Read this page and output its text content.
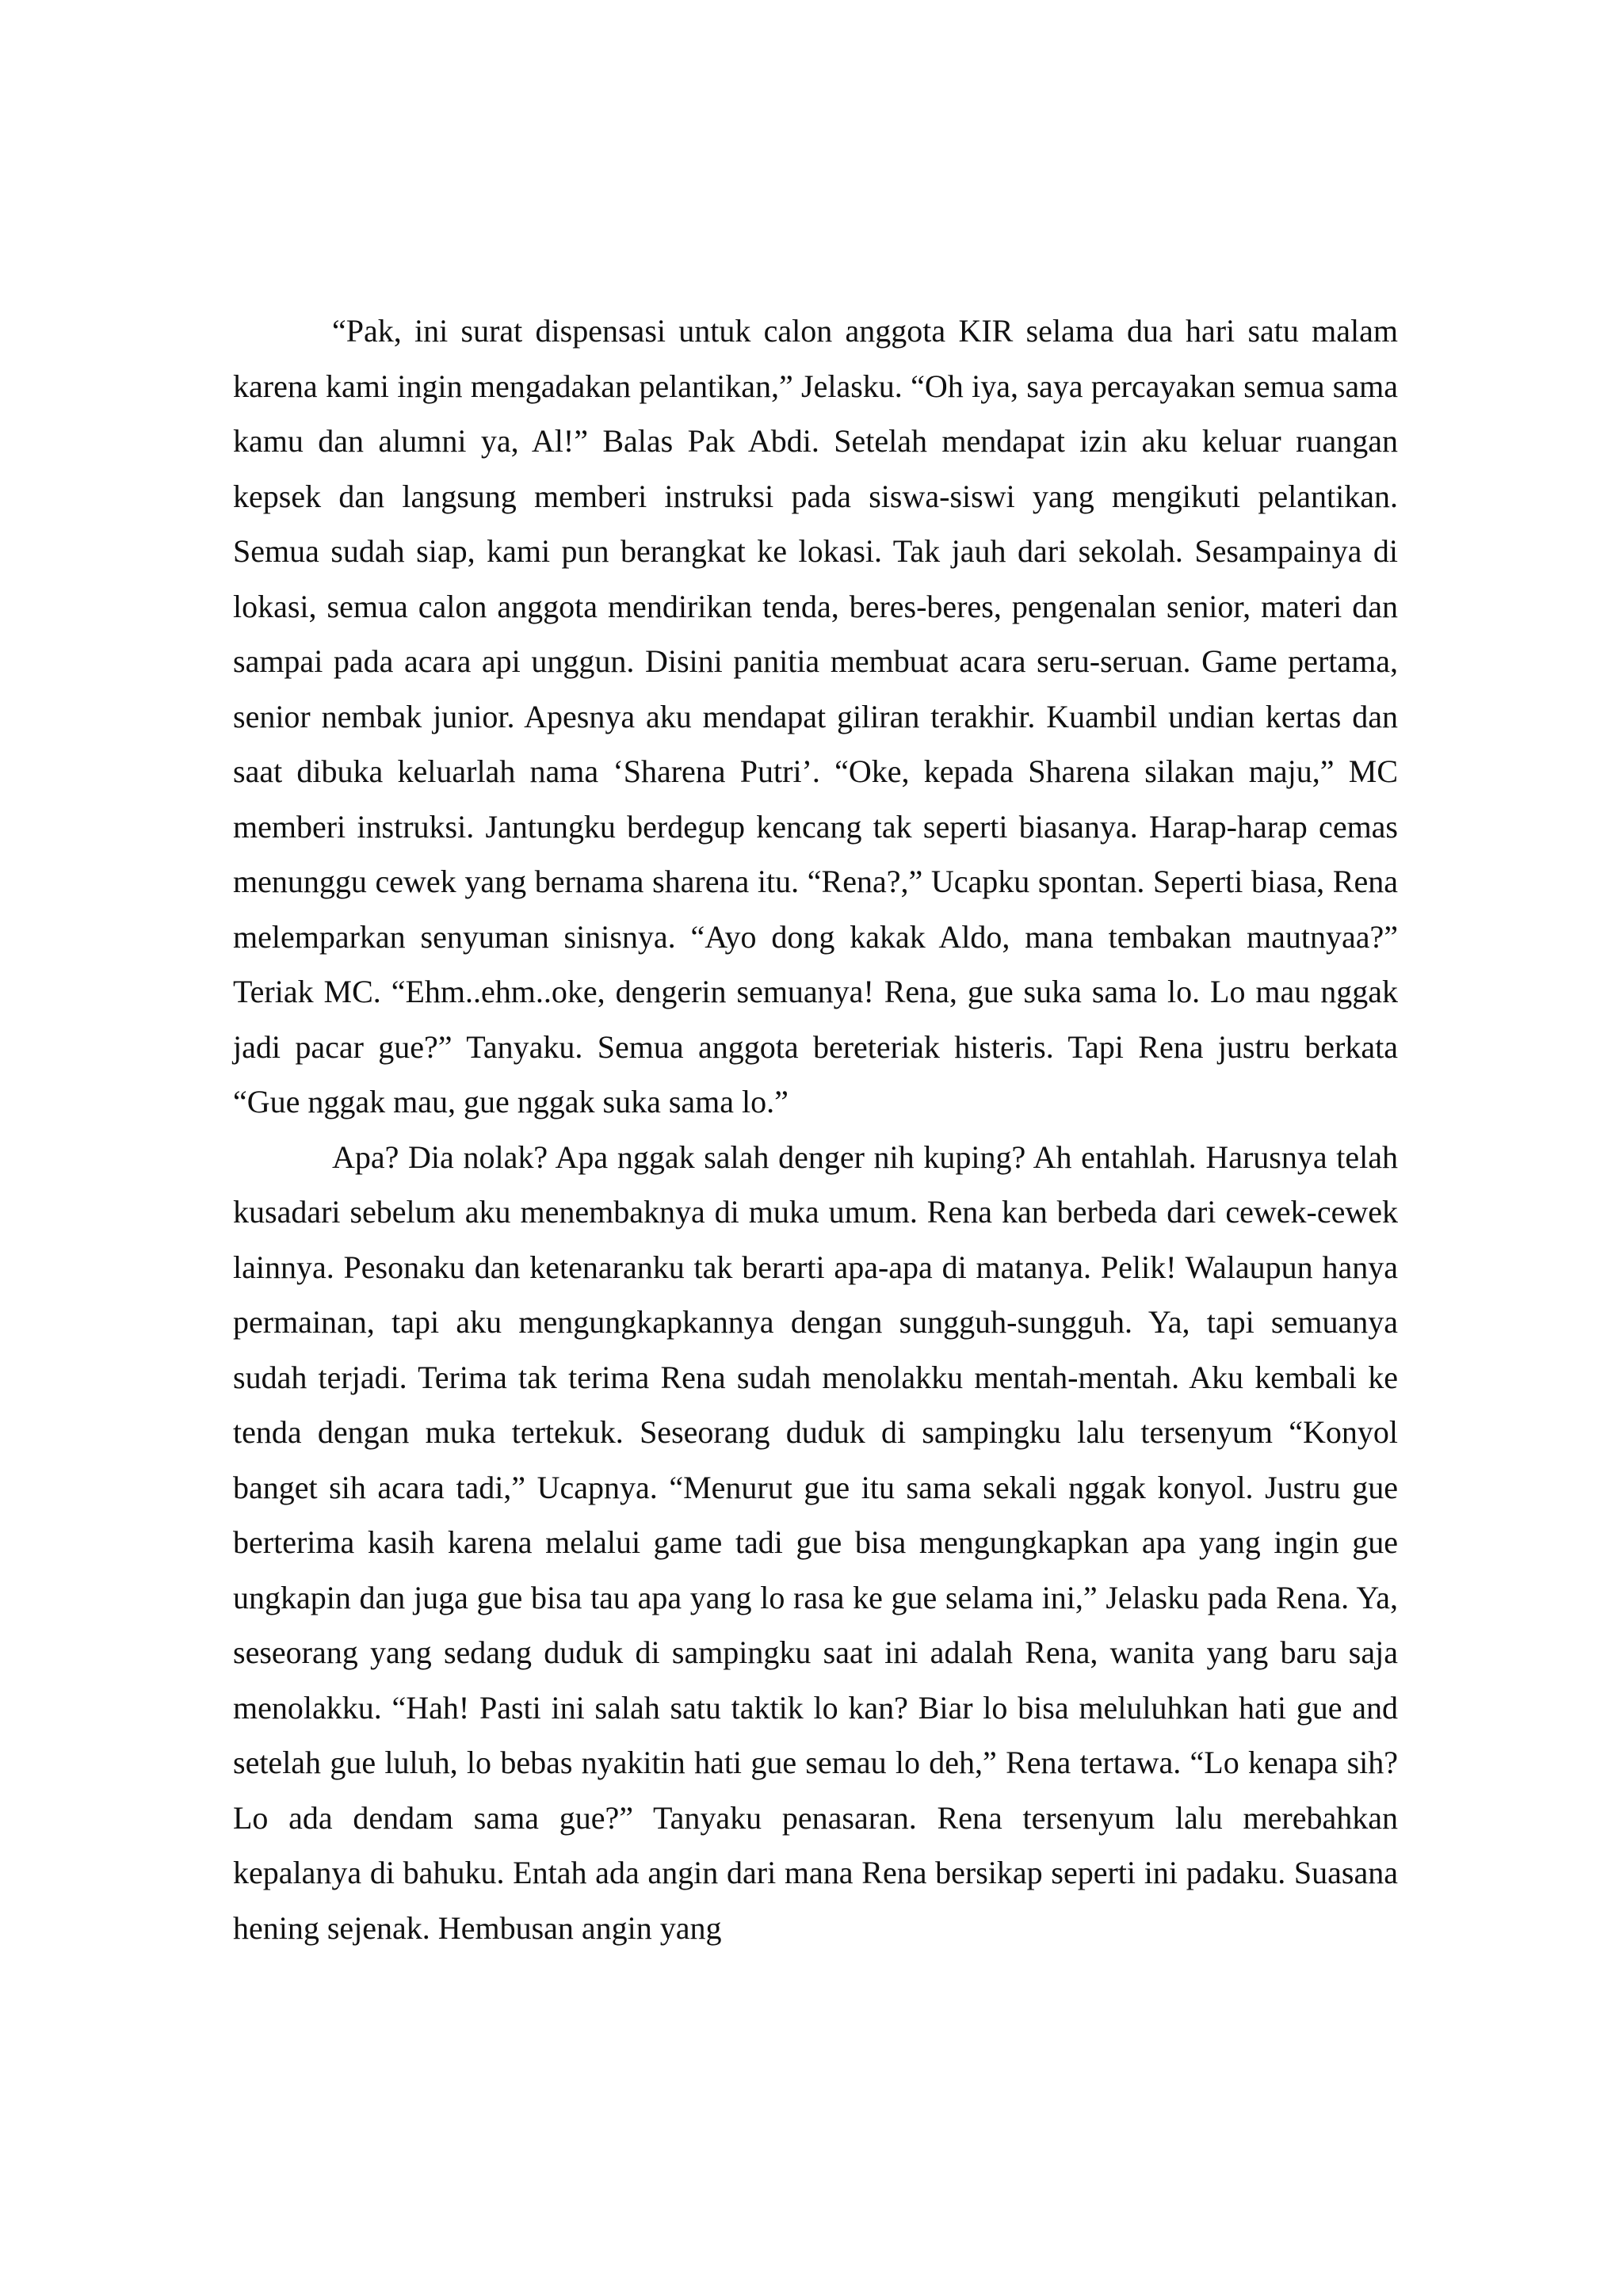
“Pak, ini surat dispensasi untuk calon anggota KIR selama dua hari satu malam karena kami ingin mengadakan pelantikan,” Jelasku. “Oh iya, saya percayakan semua sama kamu dan alumni ya, Al!” Balas Pak Abdi. Setelah mendapat izin aku keluar ruangan kepsek dan langsung memberi instruksi pada siswa-siswi yang mengikuti pelantikan. Semua sudah siap, kami pun berangkat ke lokasi. Tak jauh dari sekolah. Sesampainya di lokasi, semua calon anggota mendirikan tenda, beres-beres, pengenalan senior, materi dan sampai pada acara api unggun. Disini panitia membuat acara seru-seruan. Game pertama, senior nembak junior. Apesnya aku mendapat giliran terakhir. Kuambil undian kertas dan saat dibuka keluarlah nama ‘Sharena Putri’. “Oke, kepada Sharena silakan maju,” MC memberi instruksi. Jantungku berdegup kencang tak seperti biasanya. Harap-harap cemas menunggu cewek yang bernama sharena itu. “Rena?,” Ucapku spontan. Seperti biasa, Rena melemparkan senyuman sinisnya. “Ayo dong kakak Aldo, mana tembakan mautnyaa?” Teriak MC. “Ehm..ehm..oke, dengerin semuanya! Rena, gue suka sama lo. Lo mau nggak jadi pacar gue?” Tanyaku. Semua anggota bereteriak histeris. Tapi Rena justru berkata “Gue nggak mau, gue nggak suka sama lo.”

Apa? Dia nolak? Apa nggak salah denger nih kuping? Ah entahlah. Harusnya telah kusadari sebelum aku menembaknya di muka umum. Rena kan berbeda dari cewek-cewek lainnya. Pesonaku dan ketenaranku tak berarti apa-apa di matanya. Pelik! Walaupun hanya permainan, tapi aku mengungkapkannya dengan sungguh-sungguh. Ya, tapi semuanya sudah terjadi. Terima tak terima Rena sudah menolakku mentah-mentah. Aku kembali ke tenda dengan muka tertekuk. Seseorang duduk di sampingku lalu tersenyum “Konyol banget sih acara tadi,” Ucapnya. “Menurut gue itu sama sekali nggak konyol. Justru gue berterima kasih karena melalui game tadi gue bisa mengungkapkan apa yang ingin gue ungkapin dan juga gue bisa tau apa yang lo rasa ke gue selama ini,” Jelasku pada Rena. Ya, seseorang yang sedang duduk di sampingku saat ini adalah Rena, wanita yang baru saja menolakku. “Hah! Pasti ini salah satu taktik lo kan? Biar lo bisa meluluhkan hati gue and setelah gue luluh, lo bebas nyakitin hati gue semau lo deh,” Rena tertawa. “Lo kenapa sih? Lo ada dendam sama gue?” Tanyaku penasaran. Rena tersenyum lalu merebahkan kepalanya di bahuku. Entah ada angin dari mana Rena bersikap seperti ini padaku. Suasana hening sejenak. Hembusan angin yang
